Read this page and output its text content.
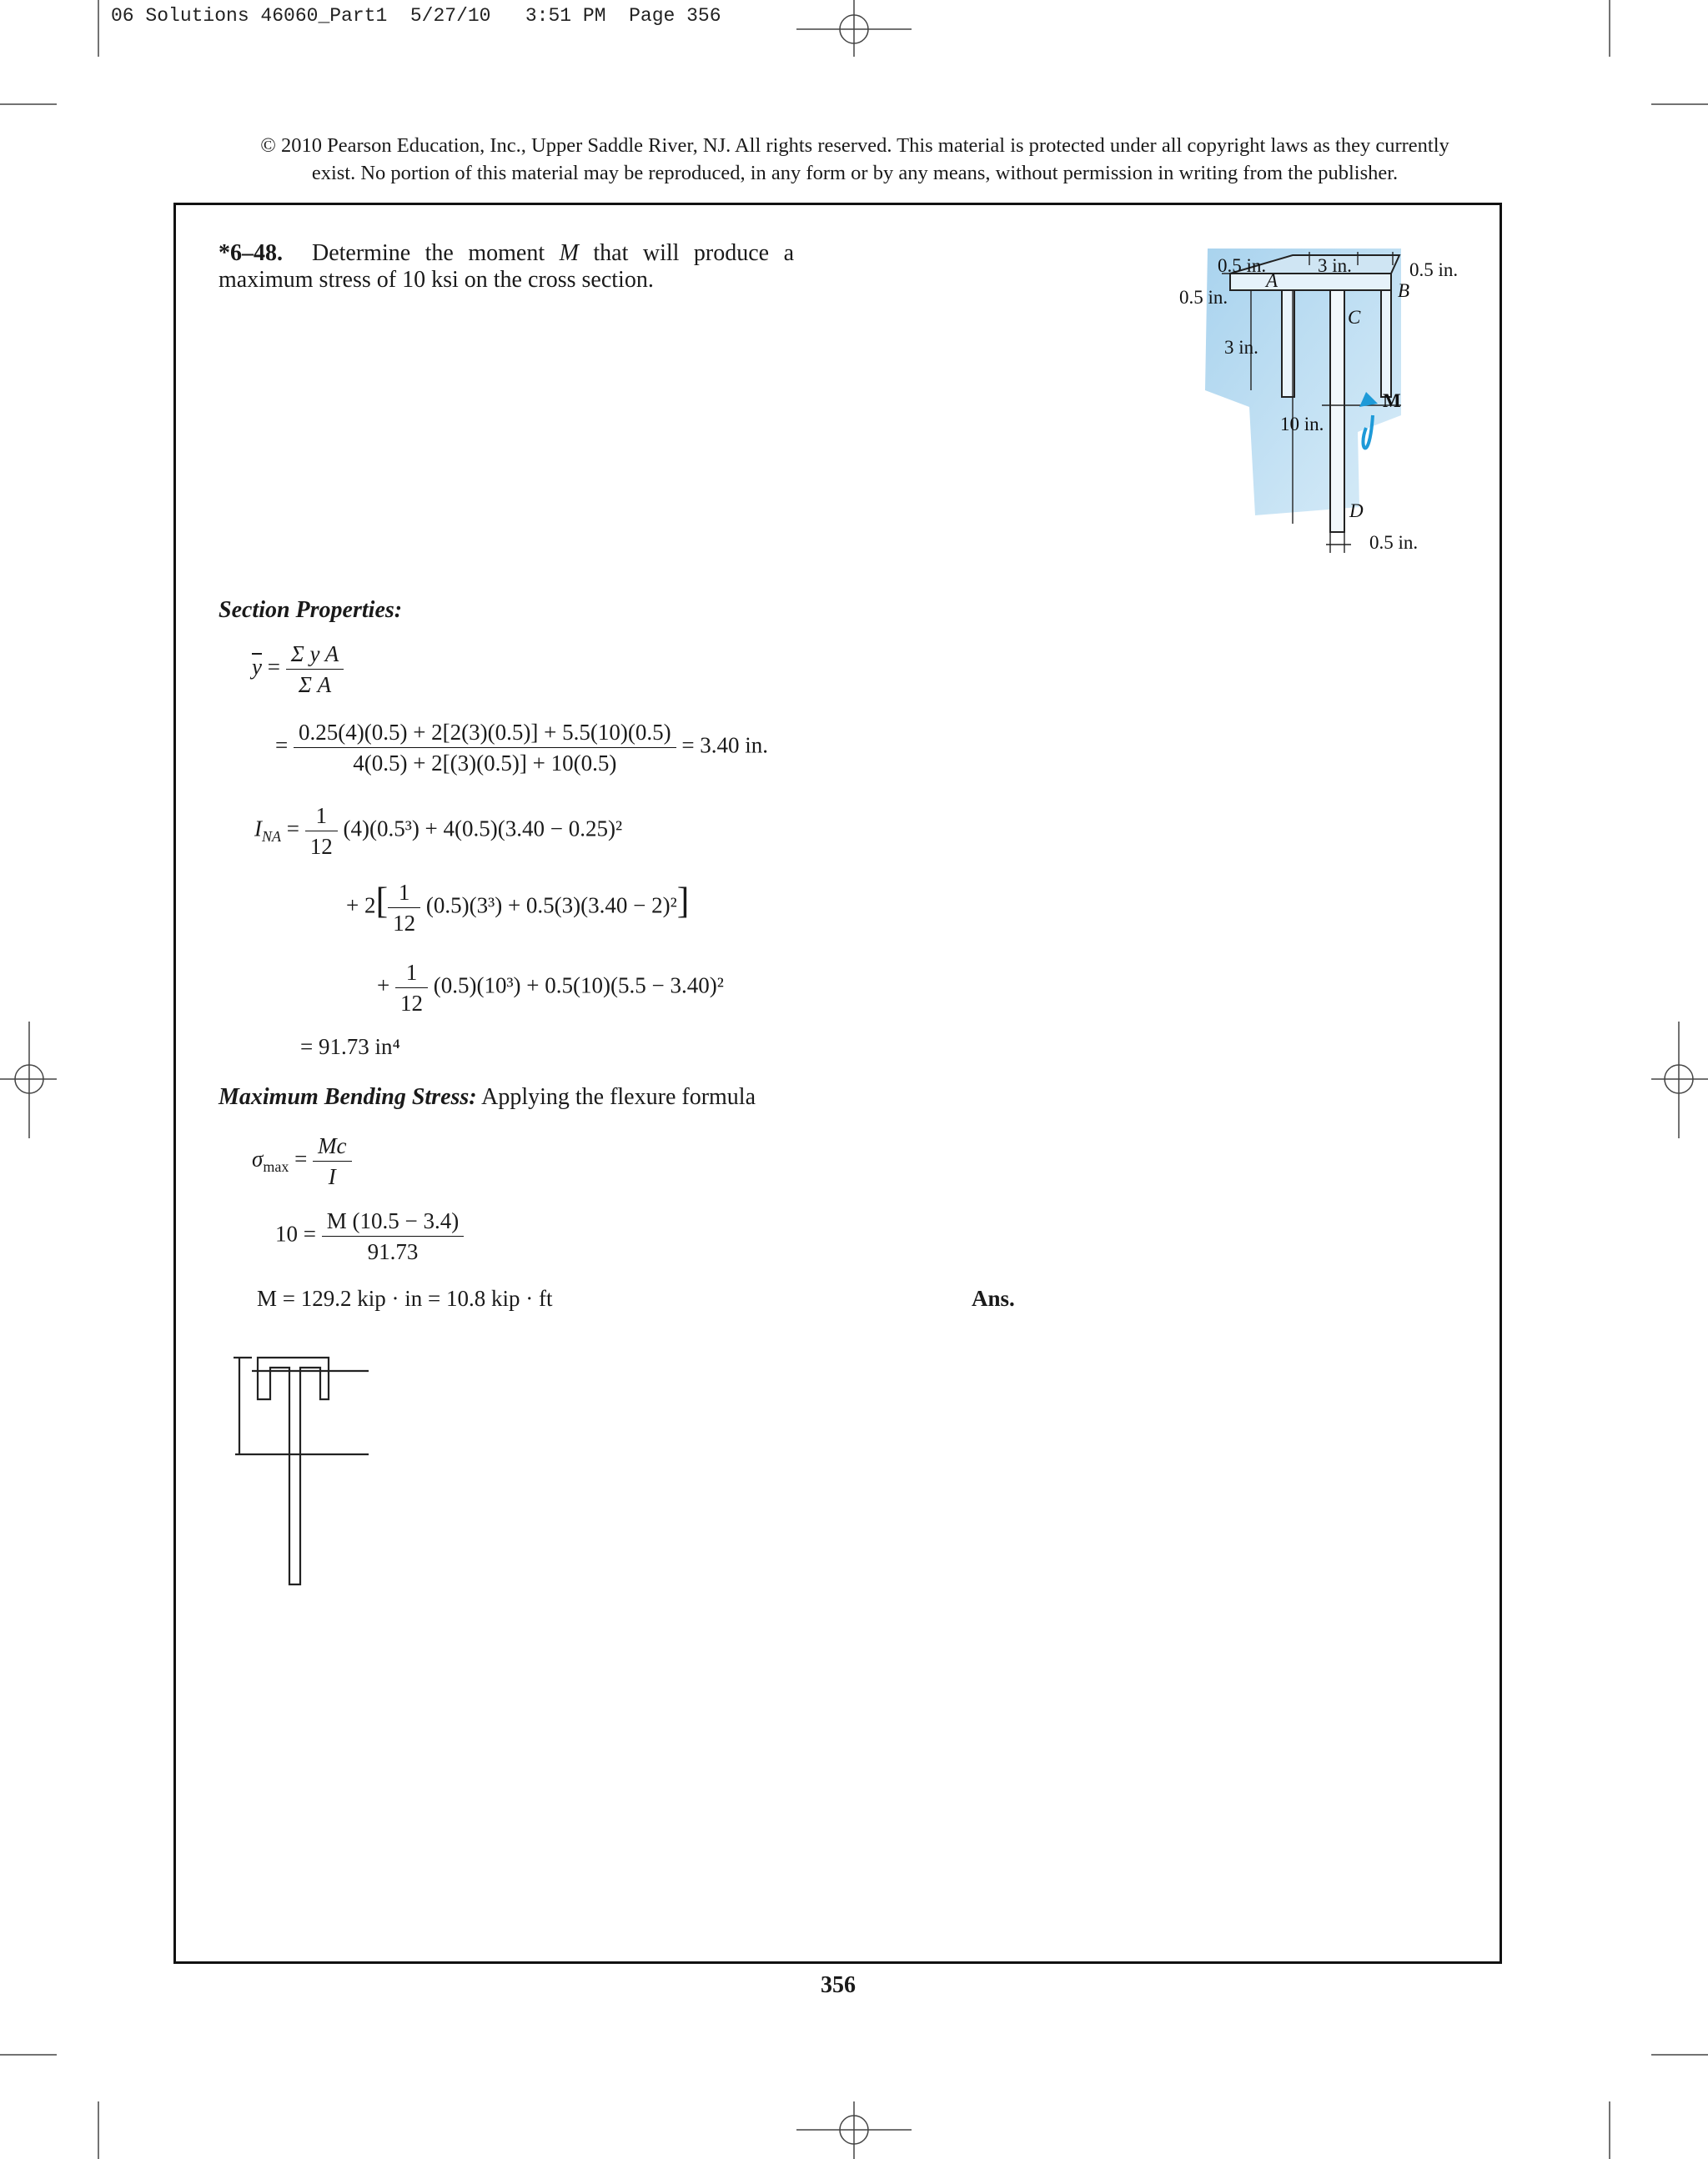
06 Solutions 46060_Part1  5/27/10   3:51 PM  Page 356
© 2010 Pearson Education, Inc., Upper Saddle River, NJ. All rights reserved. This material is protected under all copyright laws as they currently
exist. No portion of this material may be reproduced, in any form or by any means, without permission in writing from the publisher.
*6–48. Determine the moment M that will produce a maximum stress of 10 ksi on the cross section.
0.5 in.
0.5 in.
3 in.	0.5 in.
A	B
C
D
M
3 in.
10 in.
0.5 in.
Section Properties:
$\overline{y} = \frac{\text{Σ y A}}{\text{Σ A}}$
= $\frac{0.25(4)(0.5) + 2[2(3)(0.5)] + 5.5(10)(0.5)}{4(0.5) + 2[(3)(0.5)] + 10(0.5)} = 3.40$ in.
$I_{NA} = \frac{1}{12} (4)(0.5^3) + 4(0.5)(3.40 - 0.25)^2$
+ $2[ \frac{1}{12} (0.5)(3^3) + 0.5(3)(3.40 - 2)^2]$
+ $\frac{1}{12} (0.5)(10^3) + 0.5(10)(5.5 - 3.40)^2$
= 91.73 in⁴
Maximum Bending Stress: Applying the flexure formula
$\sigma_{max} = \frac{Mc}{I}$
$10 = \frac{M (10.5 - 3.4)}{91.73}$
M = 129.2 kip · in = 10.8 kip · ft	Ans.
356
